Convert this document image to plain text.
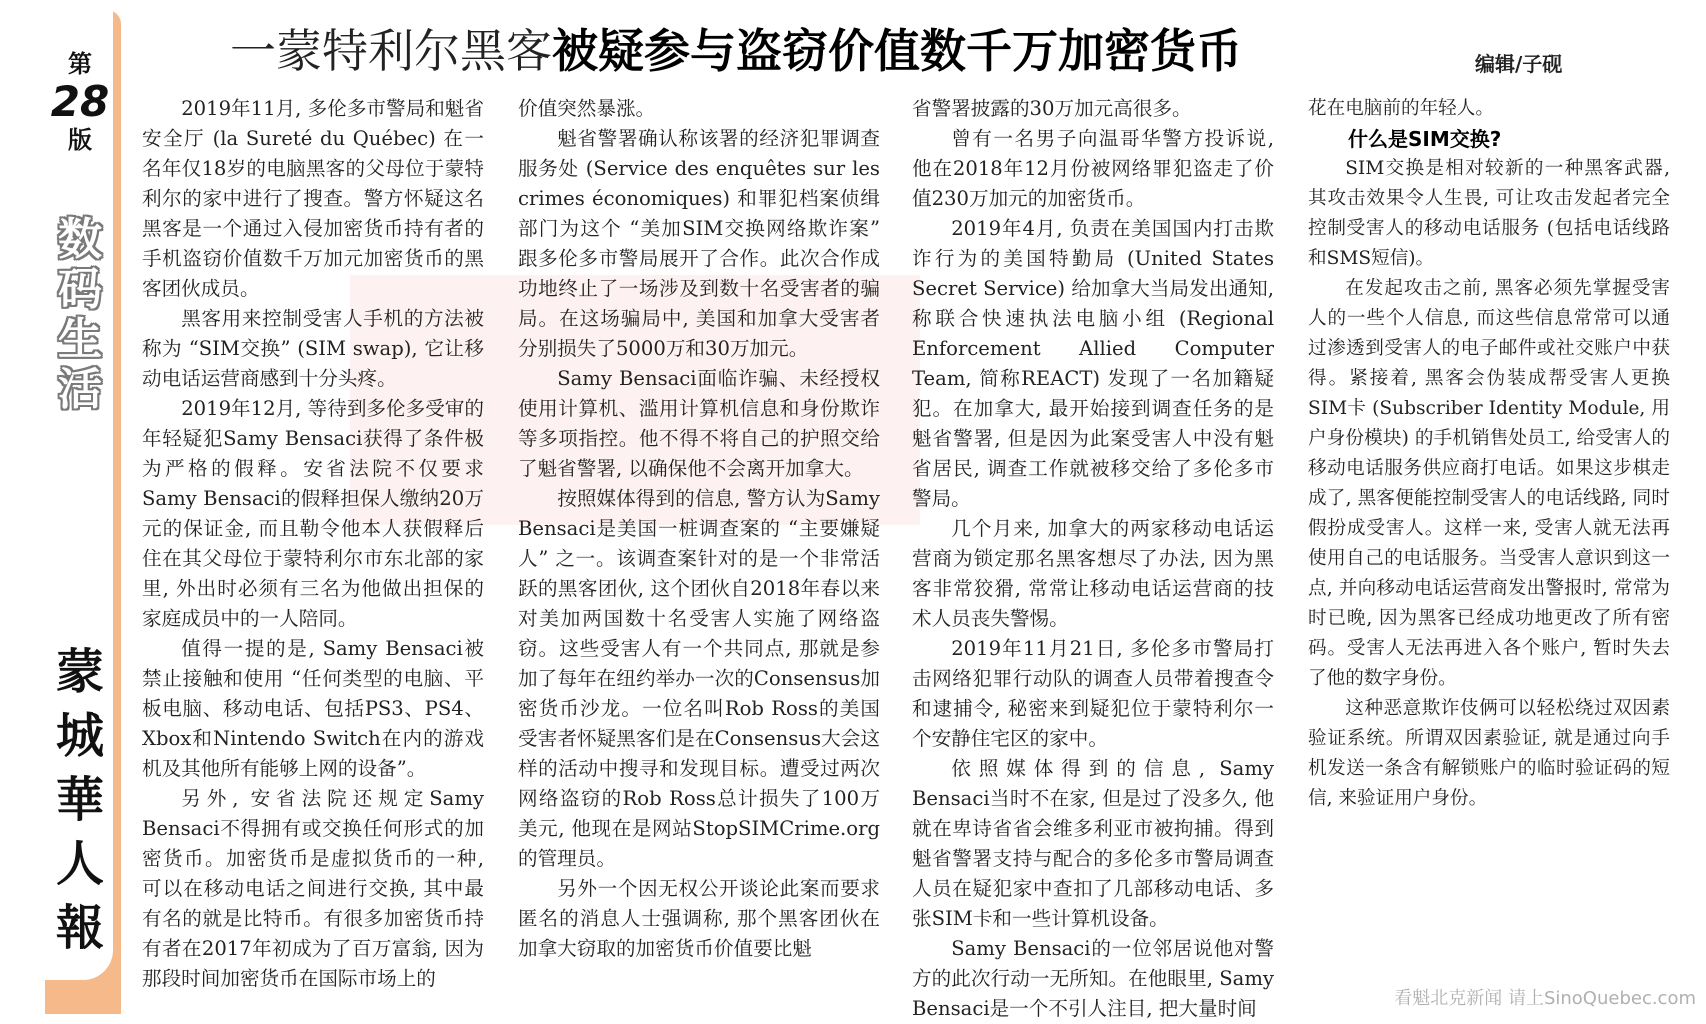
第
28
版
数
码
生
活
蒙
城
華
人
報
一蒙特利尔黑客被疑参与盗窃价值数千万加密货币	编辑/子砚

2019年11月, 多伦多市警局和魁省安全厅 (la Sureté du Québec) 在一名年仅18岁的电脑黑客的父母位于蒙特利尔的家中进行了搜查。警方怀疑这名黑客是一个通过入侵加密货币持有者的手机盗窃价值数千万加元加密货币的黑客团伙成员。

黑客用来控制受害人手机的方法被称为 “SIM交换” (SIM swap), 它让移动电话运营商感到十分头疼。

2019年12月, 等待到多伦多受审的年轻疑犯Samy Bensaci获得了条件极为严格的假释。安省法院不仅要求Samy Bensaci的假释担保人缴纳20万元的保证金, 而且勒令他本人获假释后住在其父母位于蒙特利尔市东北部的家里, 外出时必须有三名为他做出担保的家庭成员中的一人陪同。

值得一提的是, Samy Bensaci被禁止接触和使用 “任何类型的电脑、平板电脑、移动电话、包括PS3、PS4、Xbox和Nintendo Switch在内的游戏机及其他所有能够上网的设备”。

另外, 安省法院还规定Samy Bensaci不得拥有或交换任何形式的加密货币。加密货币是虚拟货币的一种, 可以在移动电话之间进行交换, 其中最有名的就是比特币。有很多加密货币持有者在2017年初成为了百万富翁, 因为那段时间加密货币在国际市场上的

价值突然暴涨。

魁省警署确认称该署的经济犯罪调查服务处 (Service des enquêtes sur les crimes économiques) 和罪犯档案侦缉部门为这个 “美加SIM交换网络欺诈案” 跟多伦多市警局展开了合作。此次合作成功地终止了一场涉及到数十名受害者的骗局。在这场骗局中, 美国和加拿大受害者分别损失了5000万和30万加元。

Samy Bensaci面临诈骗、未经授权使用计算机、滥用计算机信息和身份欺诈等多项指控。他不得不将自己的护照交给了魁省警署, 以确保他不会离开加拿大。

按照媒体得到的信息, 警方认为Samy Bensaci是美国一桩调查案的 “主要嫌疑人” 之一。该调查案针对的是一个非常活跃的黑客团伙, 这个团伙自2018年春以来对美加两国数十名受害人实施了网络盗窃。这些受害人有一个共同点, 那就是参加了每年在纽约举办一次的Consensus加密货币沙龙。一位名叫Rob Ross的美国受害者怀疑黑客们是在Consensus大会这样的活动中搜寻和发现目标。遭受过两次网络盗窃的Rob Ross总计损失了100万美元, 他现在是网站StopSIMCrime.org的管理员。

另外一个因无权公开谈论此案而要求匿名的消息人士强调称, 那个黑客团伙在加拿大窃取的加密货币价值要比魁

省警署披露的30万加元高很多。

曾有一名男子向温哥华警方投诉说, 他在2018年12月份被网络罪犯盗走了价值230万加元的加密货币。

2019年4月, 负责在美国国内打击欺诈行为的美国特勤局 (United States Secret Service) 给加拿大当局发出通知, 称联合快速执法电脑小组 (Regional Enforcement Allied Computer Team, 简称REACT) 发现了一名加籍疑犯。在加拿大, 最开始接到调查任务的是魁省警署, 但是因为此案受害人中没有魁省居民, 调查工作就被移交给了多伦多市警局。

几个月来, 加拿大的两家移动电话运营商为锁定那名黑客想尽了办法, 因为黑客非常狡猾, 常常让移动电话运营商的技术人员丧失警惕。

2019年11月21日, 多伦多市警局打击网络犯罪行动队的调查人员带着搜查令和逮捕令, 秘密来到疑犯位于蒙特利尔一个安静住宅区的家中。

依照媒体得到的信息, Samy Bensaci当时不在家, 但是过了没多久, 他就在卑诗省省会维多利亚市被拘捕。得到魁省警署支持与配合的多伦多市警局调查人员在疑犯家中查扣了几部移动电话、多张SIM卡和一些计算机设备。

Samy Bensaci的一位邻居说他对警方的此次行动一无所知。在他眼里, Samy Bensaci是一个不引人注目, 把大量时间

花在电脑前的年轻人。

什么是SIM交换?

SIM交换是相对较新的一种黑客武器, 其攻击效果令人生畏, 可让攻击发起者完全控制受害人的移动电话服务 (包括电话线路和SMS短信)。

在发起攻击之前, 黑客必须先掌握受害人的一些个人信息, 而这些信息常常可以通过渗透到受害人的电子邮件或社交账户中获得。紧接着, 黑客会伪装成帮受害人更换SIM卡 (Subscriber Identity Module, 用户身份模块) 的手机销售处员工, 给受害人的移动电话服务供应商打电话。如果这步棋走成了, 黑客便能控制受害人的电话线路, 同时假扮成受害人。这样一来, 受害人就无法再使用自己的电话服务。当受害人意识到这一点, 并向移动电话运营商发出警报时, 常常为时已晚, 因为黑客已经成功地更改了所有密码。受害人无法再进入各个账户, 暂时失去了他的数字身份。

这种恶意欺诈伎俩可以轻松绕过双因素验证系统。所谓双因素验证, 就是通过向手机发送一条含有解锁账户的临时验证码的短信, 来验证用户身份。

看魁北克新闻 请上SinoQuebec.com
